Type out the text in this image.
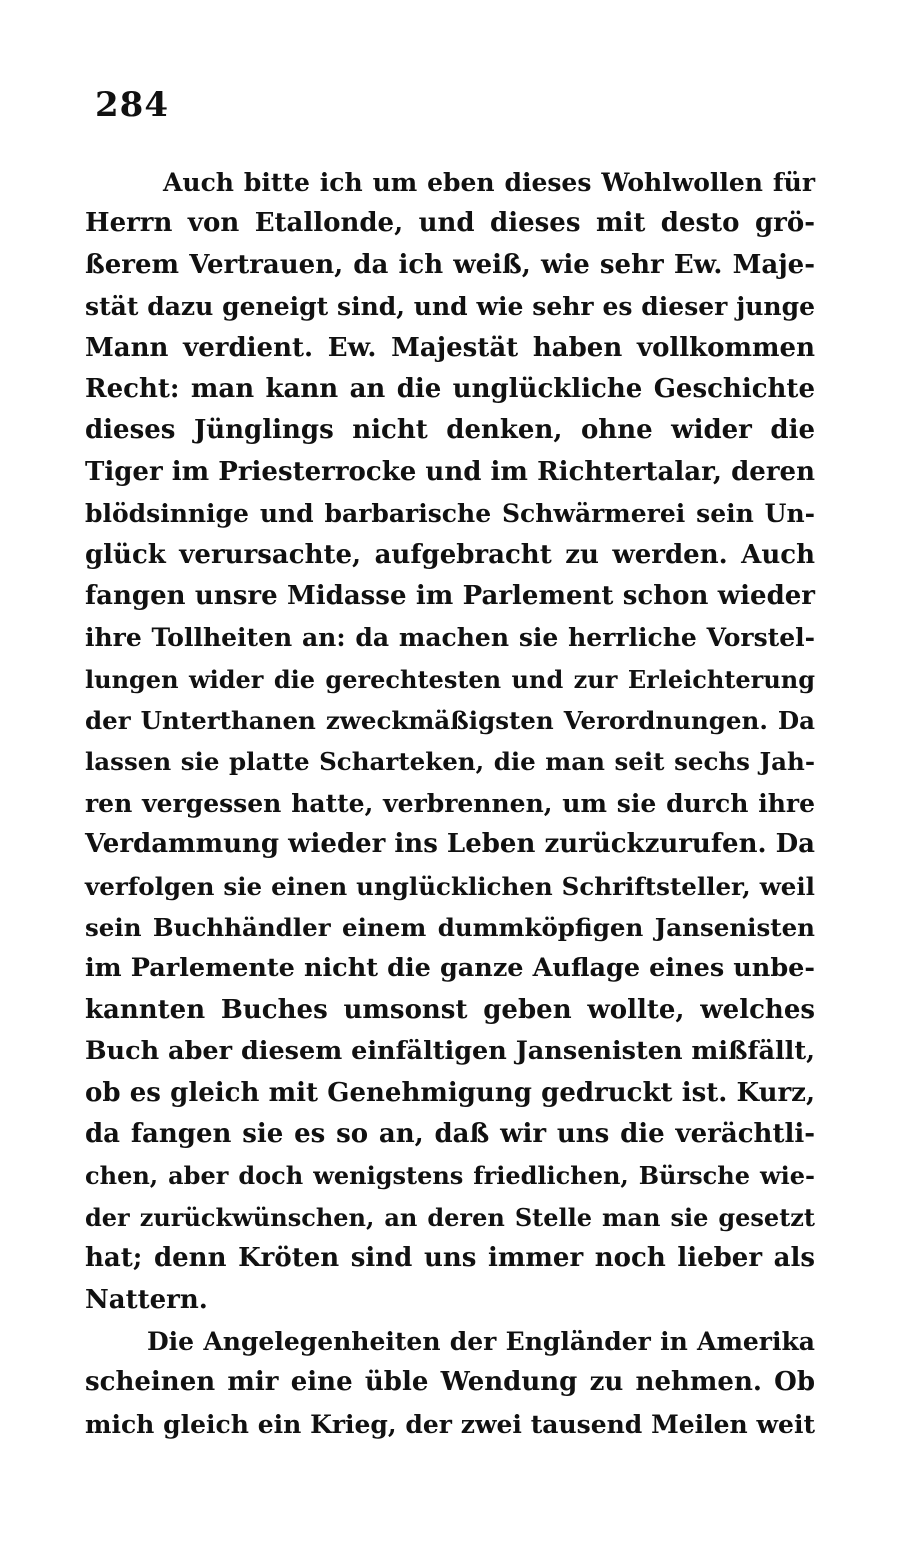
284
Auch bitte ich um eben dieses Wohlwollen für
Herrn von Etallonde, und dieses mit desto grö-
ßerem Vertrauen, da ich weiß, wie sehr Ew. Maje-
stät dazu geneigt sind, und wie sehr es dieser junge
Mann verdient. Ew. Majestät haben vollkommen
Recht: man kann an die unglückliche Geschichte
dieses Jünglings nicht denken, ohne wider die
Tiger im Priesterrocke und im Richtertalar, deren
blödsinnige und barbarische Schwärmerei sein Un-
glück verursachte, aufgebracht zu werden. Auch
fangen unsre Midasse im Parlement schon wieder
ihre Tollheiten an: da machen sie herrliche Vorstel-
lungen wider die gerechtesten und zur Erleichterung
der Unterthanen zweckmäßigsten Verordnungen. Da
lassen sie platte Scharteken, die man seit sechs Jah-
ren vergessen hatte, verbrennen, um sie durch ihre
Verdammung wieder ins Leben zurückzurufen. Da
verfolgen sie einen unglücklichen Schriftsteller, weil
sein Buchhändler einem dummköpfigen Jansenisten
im Parlemente nicht die ganze Auflage eines unbe-
kannten Buches umsonst geben wollte, welches
Buch aber diesem einfältigen Jansenisten mißfällt,
ob es gleich mit Genehmigung gedruckt ist. Kurz,
da fangen sie es so an, daß wir uns die verächtli-
chen, aber doch wenigstens friedlichen, Bürsche wie-
der zurückwünschen, an deren Stelle man sie gesetzt
hat; denn Kröten sind uns immer noch lieber als
Nattern.
Die Angelegenheiten der Engländer in Amerika
scheinen mir eine üble Wendung zu nehmen. Ob
mich gleich ein Krieg, der zwei tausend Meilen weit
